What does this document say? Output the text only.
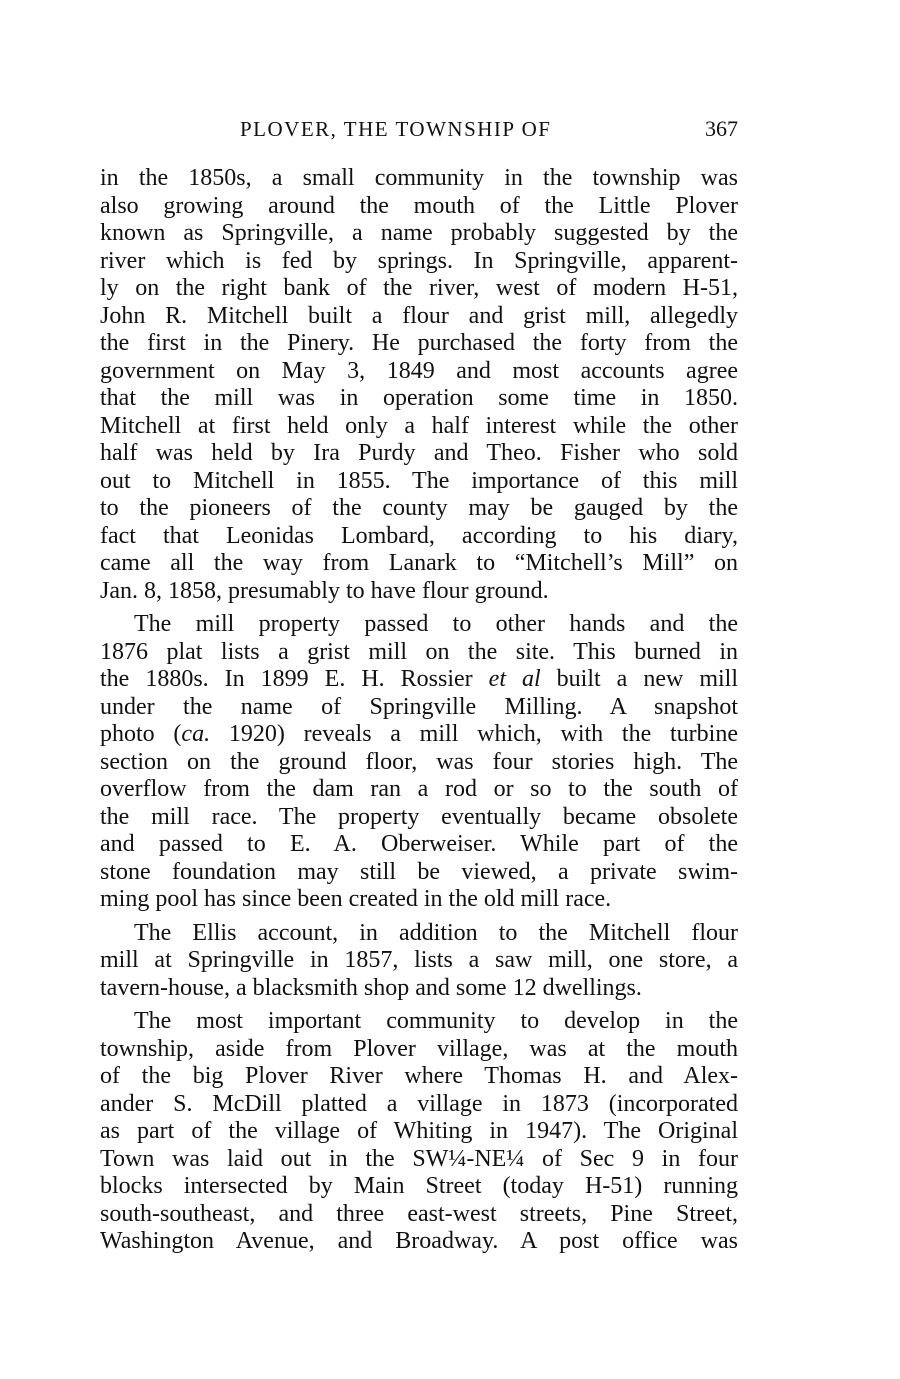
PLOVER, THE TOWNSHIP OF	367

in the 1850s, a small community in the township was
also growing around the mouth of the Little Plover
known as Springville, a name probably suggested by the
river which is fed by springs. In Springville, apparent-
ly on the right bank of the river, west of modern H-51,
John R. Mitchell built a flour and grist mill, allegedly
the first in the Pinery. He purchased the forty from the
government on May 3, 1849 and most accounts agree
that the mill was in operation some time in 1850.
Mitchell at first held only a half interest while the other
half was held by Ira Purdy and Theo. Fisher who sold
out to Mitchell in 1855. The importance of this mill
to the pioneers of the county may be gauged by the
fact that Leonidas Lombard, according to his diary,
came all the way from Lanark to “Mitchell’s Mill” on
Jan. 8, 1858, presumably to have flour ground.

The mill property passed to other hands and the
1876 plat lists a grist mill on the site. This burned in
the 1880s. In 1899 E. H. Rossier et al built a new mill
under the name of Springville Milling. A snapshot
photo (ca. 1920) reveals a mill which, with the turbine
section on the ground floor, was four stories high. The
overflow from the dam ran a rod or so to the south of
the mill race. The property eventually became obsolete
and passed to E. A. Oberweiser. While part of the
stone foundation may still be viewed, a private swim-
ming pool has since been created in the old mill race.

The Ellis account, in addition to the Mitchell flour
mill at Springville in 1857, lists a saw mill, one store, a
tavern-house, a blacksmith shop and some 12 dwellings.

The most important community to develop in the
township, aside from Plover village, was at the mouth
of the big Plover River where Thomas H. and Alex-
ander S. McDill platted a village in 1873 (incorporated
as part of the village of Whiting in 1947). The Original
Town was laid out in the SW¼-NE¼ of Sec 9 in four
blocks intersected by Main Street (today H-51) running
south-southeast, and three east-west streets, Pine Street,
Washington Avenue, and Broadway. A post office was
